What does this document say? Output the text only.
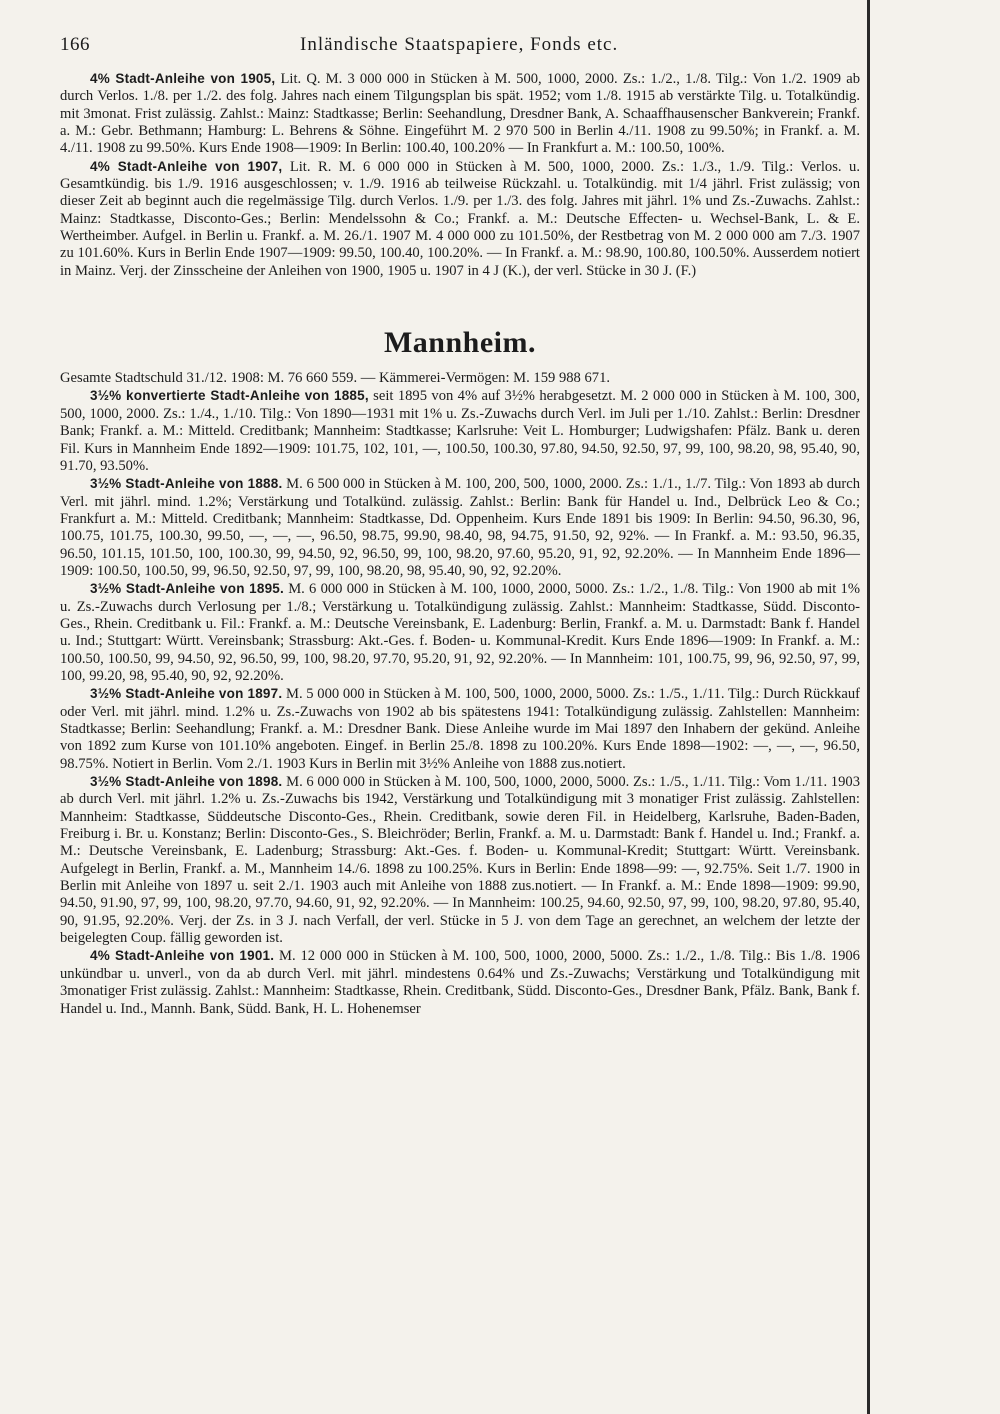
166	Inländische Staatspapiere, Fonds etc.

4% Stadt-Anleihe von 1905, Lit. Q. M. 3 000 000 in Stücken à M. 500, 1000, 2000. Zs.: 1./2., 1./8. Tilg.: Von 1./2. 1909 ab durch Verlos. 1./8. per 1./2. des folg. Jahres nach einem Tilgungsplan bis spät. 1952; vom 1./8. 1915 ab verstärkte Tilg. u. Totalkündig. mit 3monat. Frist zulässig. Zahlst.: Mainz: Stadtkasse; Berlin: Seehandlung, Dresdner Bank, A. Schaaffhausenscher Bankverein; Frankf. a. M.: Gebr. Bethmann; Hamburg: L. Behrens & Söhne. Eingeführt M. 2 970 500 in Berlin 4./11. 1908 zu 99.50%; in Frankf. a. M. 4./11. 1908 zu 99.50%. Kurs Ende 1908—1909: In Berlin: 100.40, 100.20% — In Frankfurt a. M.: 100.50, 100%.

4% Stadt-Anleihe von 1907, Lit. R. M. 6 000 000 in Stücken à M. 500, 1000, 2000. Zs.: 1./3., 1./9. Tilg.: Verlos. u. Gesamtkündig. bis 1./9. 1916 ausgeschlossen; v. 1./9. 1916 ab teilweise Rückzahl. u. Totalkündig. mit 1/4 jährl. Frist zulässig; von dieser Zeit ab beginnt auch die regelmässige Tilg. durch Verlos. 1./9. per 1./3. des folg. Jahres mit jährl. 1% und Zs.-Zuwachs. Zahlst.: Mainz: Stadtkasse, Disconto-Ges.; Berlin: Mendelssohn & Co.; Frankf. a. M.: Deutsche Effecten- u. Wechsel-Bank, L. & E. Wertheimber. Aufgel. in Berlin u. Frankf. a. M. 26./1. 1907 M. 4 000 000 zu 101.50%, der Restbetrag von M. 2 000 000 am 7./3. 1907 zu 101.60%. Kurs in Berlin Ende 1907—1909: 99.50, 100.40, 100.20%. — In Frankf. a. M.: 98.90, 100.80, 100.50%. Ausserdem notiert in Mainz. Verj. der Zinsscheine der Anleihen von 1900, 1905 u. 1907 in 4 J (K.), der verl. Stücke in 30 J. (F.)

Mannheim.

Gesamte Stadtschuld 31./12. 1908: M. 76 660 559. — Kämmerei-Vermögen: M. 159 988 671.

3½% konvertierte Stadt-Anleihe von 1885, seit 1895 von 4% auf 3½% herabgesetzt. M. 2 000 000 in Stücken à M. 100, 300, 500, 1000, 2000. Zs.: 1./4., 1./10. Tilg.: Von 1890—1931 mit 1% u. Zs.-Zuwachs durch Verl. im Juli per 1./10. Zahlst.: Berlin: Dresdner Bank; Frankf. a. M.: Mitteld. Creditbank; Mannheim: Stadtkasse; Karlsruhe: Veit L. Homburger; Ludwigshafen: Pfälz. Bank u. deren Fil. Kurs in Mannheim Ende 1892—1909: 101.75, 102, 101, —, 100.50, 100.30, 97.80, 94.50, 92.50, 97, 99, 100, 98.20, 98, 95.40, 90, 91.70, 93.50%.

3½% Stadt-Anleihe von 1888. M. 6 500 000 in Stücken à M. 100, 200, 500, 1000, 2000. Zs.: 1./1., 1./7. Tilg.: Von 1893 ab durch Verl. mit jährl. mind. 1.2%; Verstärkung und Totalkünd. zulässig. Zahlst.: Berlin: Bank für Handel u. Ind., Delbrück Leo & Co.; Frankfurt a. M.: Mitteld. Creditbank; Mannheim: Stadtkasse, Dd. Oppenheim. Kurs Ende 1891 bis 1909: In Berlin: 94.50, 96.30, 96, 100.75, 101.75, 100.30, 99.50, —, —, —, 96.50, 98.75, 99.90, 98.40, 98, 94.75, 91.50, 92, 92%. — In Frankf. a. M.: 93.50, 96.35, 96.50, 101.15, 101.50, 100, 100.30, 99, 94.50, 92, 96.50, 99, 100, 98.20, 97.60, 95.20, 91, 92, 92.20%. — In Mannheim Ende 1896—1909: 100.50, 100.50, 99, 96.50, 92.50, 97, 99, 100, 98.20, 98, 95.40, 90, 92, 92.20%.

3½% Stadt-Anleihe von 1895. M. 6 000 000 in Stücken à M. 100, 1000, 2000, 5000. Zs.: 1./2., 1./8. Tilg.: Von 1900 ab mit 1% u. Zs.-Zuwachs durch Verlosung per 1./8.; Verstärkung u. Totalkündigung zulässig. Zahlst.: Mannheim: Stadtkasse, Südd. Disconto-Ges., Rhein. Creditbank u. Fil.: Frankf. a. M.: Deutsche Vereinsbank, E. Ladenburg: Berlin, Frankf. a. M. u. Darmstadt: Bank f. Handel u. Ind.; Stuttgart: Württ. Vereinsbank; Strassburg: Akt.-Ges. f. Boden- u. Kommunal-Kredit. Kurs Ende 1896—1909: In Frankf. a. M.: 100.50, 100.50, 99, 94.50, 92, 96.50, 99, 100, 98.20, 97.70, 95.20, 91, 92, 92.20%. — In Mannheim: 101, 100.75, 99, 96, 92.50, 97, 99, 100, 99.20, 98, 95.40, 90, 92, 92.20%.

3½% Stadt-Anleihe von 1897. M. 5 000 000 in Stücken à M. 100, 500, 1000, 2000, 5000. Zs.: 1./5., 1./11. Tilg.: Durch Rückkauf oder Verl. mit jährl. mind. 1.2% u. Zs.-Zuwachs von 1902 ab bis spätestens 1941: Totalkündigung zulässig. Zahlstellen: Mannheim: Stadtkasse; Berlin: Seehandlung; Frankf. a. M.: Dresdner Bank. Diese Anleihe wurde im Mai 1897 den Inhabern der gekünd. Anleihe von 1892 zum Kurse von 101.10% angeboten. Eingef. in Berlin 25./8. 1898 zu 100.20%. Kurs Ende 1898—1902: —, —, —, 96.50, 98.75%. Notiert in Berlin. Vom 2./1. 1903 Kurs in Berlin mit 3½% Anleihe von 1888 zus.notiert.

3½% Stadt-Anleihe von 1898. M. 6 000 000 in Stücken à M. 100, 500, 1000, 2000, 5000. Zs.: 1./5., 1./11. Tilg.: Vom 1./11. 1903 ab durch Verl. mit jährl. 1.2% u. Zs.-Zuwachs bis 1942, Verstärkung und Totalkündigung mit 3 monatiger Frist zulässig. Zahlstellen: Mannheim: Stadtkasse, Süddeutsche Disconto-Ges., Rhein. Creditbank, sowie deren Fil. in Heidelberg, Karlsruhe, Baden-Baden, Freiburg i. Br. u. Konstanz; Berlin: Disconto-Ges., S. Bleichröder; Berlin, Frankf. a. M. u. Darmstadt: Bank f. Handel u. Ind.; Frankf. a. M.: Deutsche Vereinsbank, E. Ladenburg; Strassburg: Akt.-Ges. f. Boden- u. Kommunal-Kredit; Stuttgart: Württ. Vereinsbank. Aufgelegt in Berlin, Frankf. a. M., Mannheim 14./6. 1898 zu 100.25%. Kurs in Berlin: Ende 1898—99: —, 92.75%. Seit 1./7. 1900 in Berlin mit Anleihe von 1897 u. seit 2./1. 1903 auch mit Anleihe von 1888 zus.notiert. — In Frankf. a. M.: Ende 1898—1909: 99.90, 94.50, 91.90, 97, 99, 100, 98.20, 97.70, 94.60, 91, 92, 92.20%. — In Mannheim: 100.25, 94.60, 92.50, 97, 99, 100, 98.20, 97.80, 95.40, 90, 91.95, 92.20%. Verj. der Zs. in 3 J. nach Verfall, der verl. Stücke in 5 J. von dem Tage an gerechnet, an welchem der letzte der beigelegten Coup. fällig geworden ist.

4% Stadt-Anleihe von 1901. M. 12 000 000 in Stücken à M. 100, 500, 1000, 2000, 5000. Zs.: 1./2., 1./8. Tilg.: Bis 1./8. 1906 unkündbar u. unverl., von da ab durch Verl. mit jährl. mindestens 0.64% und Zs.-Zuwachs; Verstärkung und Totalkündigung mit 3monatiger Frist zulässig. Zahlst.: Mannheim: Stadtkasse, Rhein. Creditbank, Südd. Disconto-Ges., Dresdner Bank, Pfälz. Bank, Bank f. Handel u. Ind., Mannh. Bank, Südd. Bank, H. L. Hohenemser
